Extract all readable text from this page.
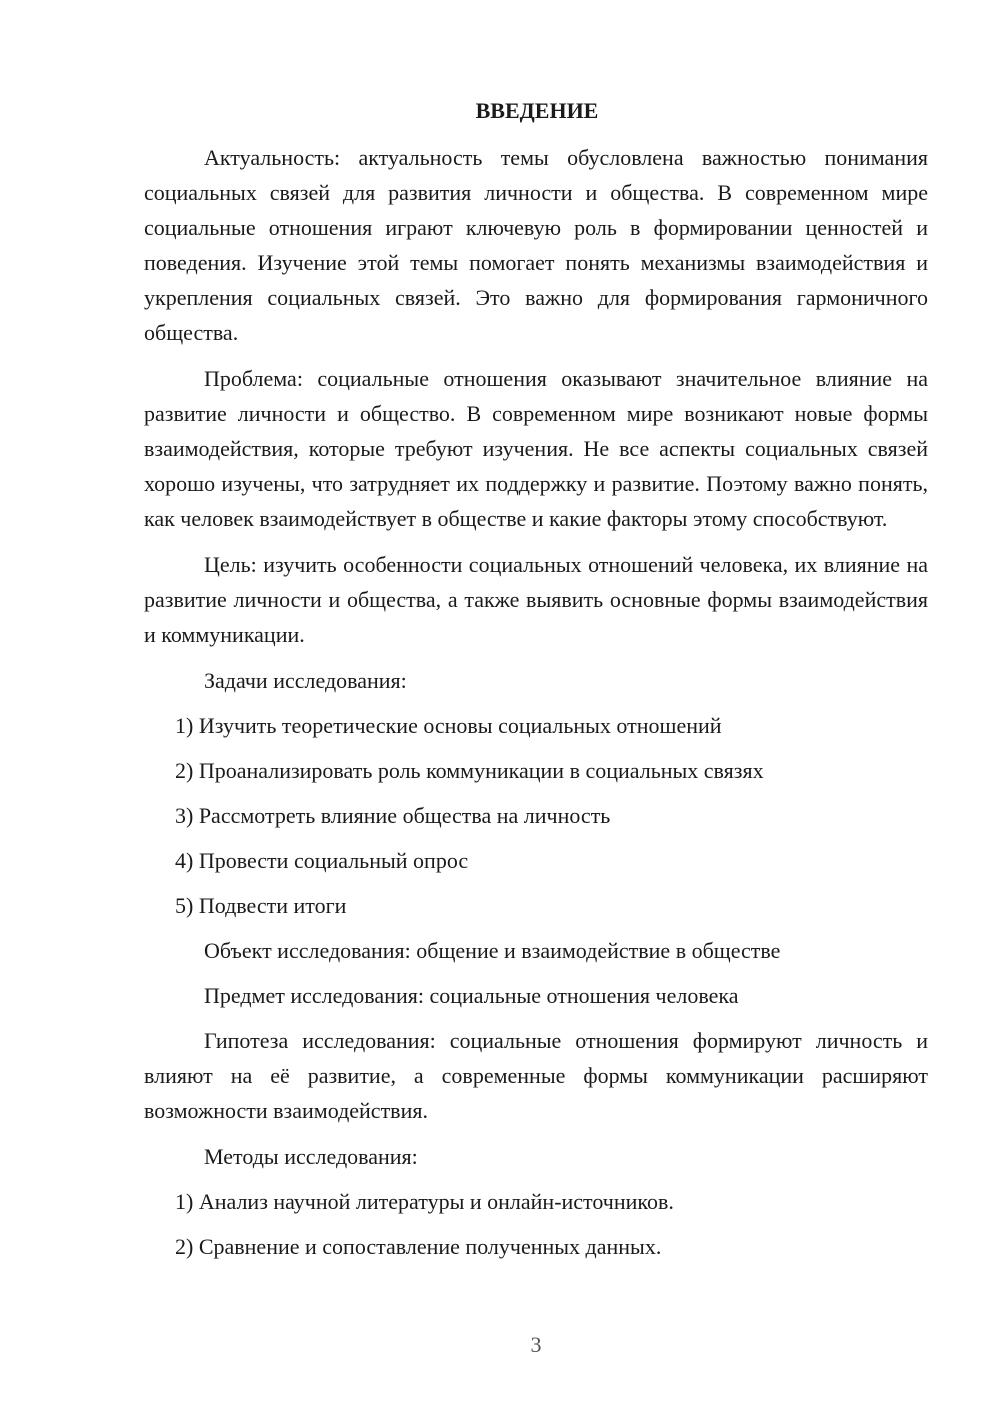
ВВЕДЕНИЕ

Актуальность: актуальность темы обусловлена важностью понимания социальных связей для развития личности и общества. В современном мире социальные отношения играют ключевую роль в формировании ценностей и поведения. Изучение этой темы помогает понять механизмы взаимодействия и укрепления социальных связей. Это важно для формирования гармоничного общества.

Проблема: социальные отношения оказывают значительное влияние на развитие личности и общество. В современном мире возникают новые формы взаимодействия, которые требуют изучения. Не все аспекты социальных связей хорошо изучены, что затрудняет их поддержку и развитие. Поэтому важно понять, как человек взаимодействует в обществе и какие факторы этому способствуют.

Цель: изучить особенности социальных отношений человека, их влияние на развитие личности и общества, а также выявить основные формы взаимодействия и коммуникации.

Задачи исследования:
1) Изучить теоретические основы социальных отношений
2) Проанализировать роль коммуникации в социальных связях
3) Рассмотреть влияние общества на личность
4) Провести социальный опрос
5) Подвести итоги
Объект исследования: общение и взаимодействие в обществе
Предмет исследования: социальные отношения человека

Гипотеза исследования: социальные отношения формируют личность и влияют на её развитие, а современные формы коммуникации расширяют возможности взаимодействия.

Методы исследования:
1) Анализ научной литературы и онлайн-источников.
2) Сравнение и сопоставление полученных данных.
3
